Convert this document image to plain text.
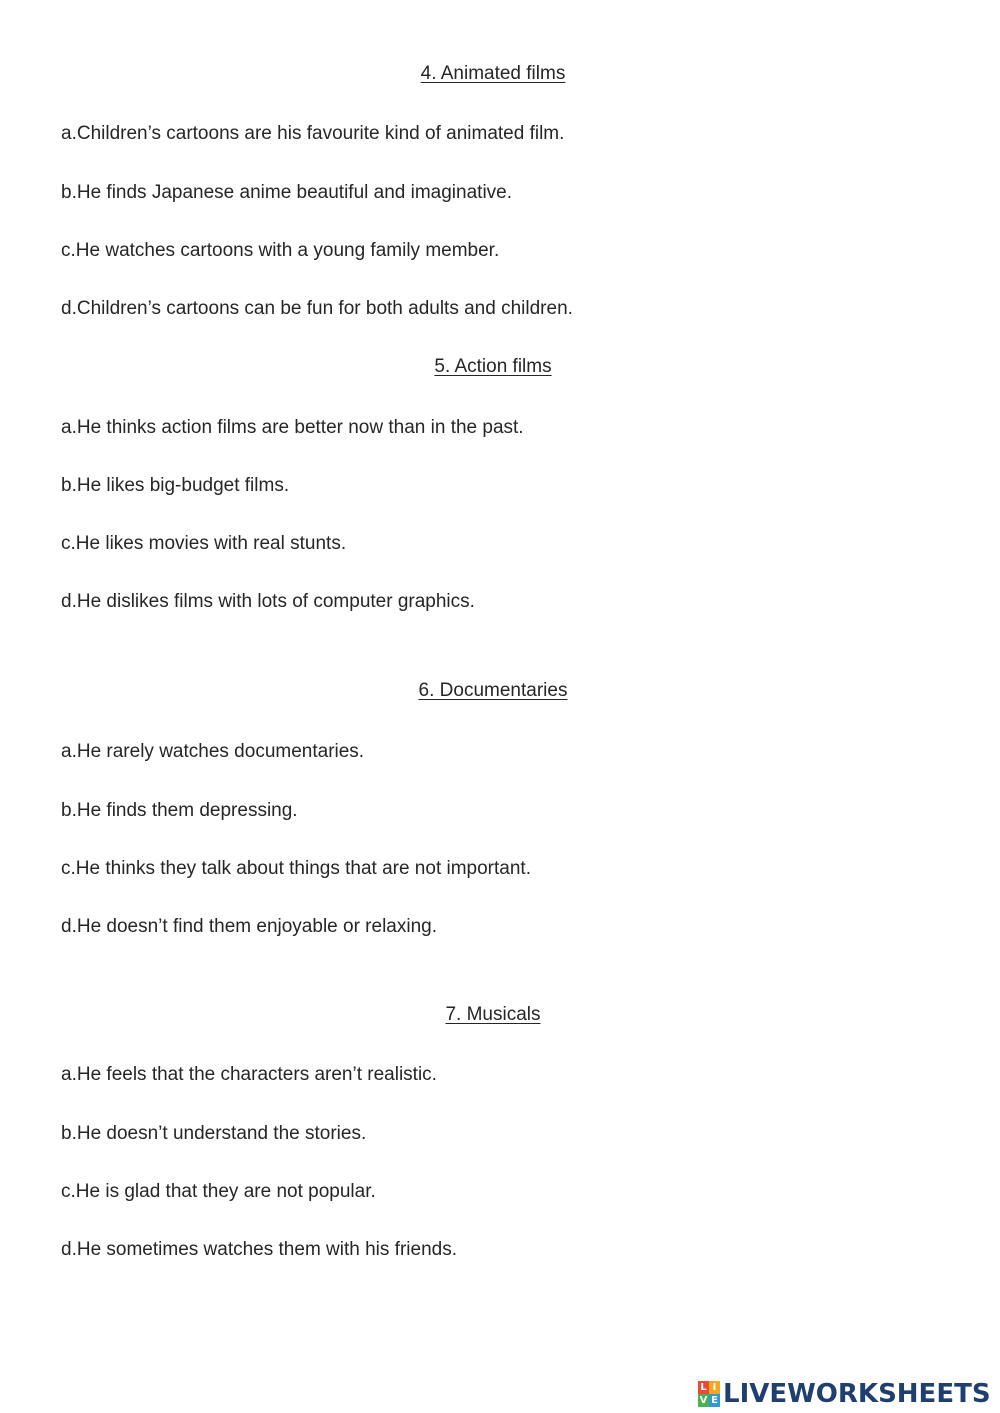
4. Animated films

a.Children’s cartoons are his favourite kind of animated film.

b.He finds Japanese anime beautiful and imaginative.

c.He watches cartoons with a young family member.

d.Children’s cartoons can be fun for both adults and children.

5. Action films

a.He thinks action films are better now than in the past.

b.He likes big-budget films.

c.He likes movies with real stunts.

d.He dislikes films with lots of computer graphics.

6. Documentaries

a.He rarely watches documentaries.

b.He finds them depressing.

c.He thinks they talk about things that are not important.

d.He doesn’t find them enjoyable or relaxing.

7. Musicals

a.He feels that the characters aren’t realistic.

b.He doesn’t understand the stories.

c.He is glad that they are not popular.

d.He sometimes watches them with his friends.

L I
V E LIVEWORKSHEETS
